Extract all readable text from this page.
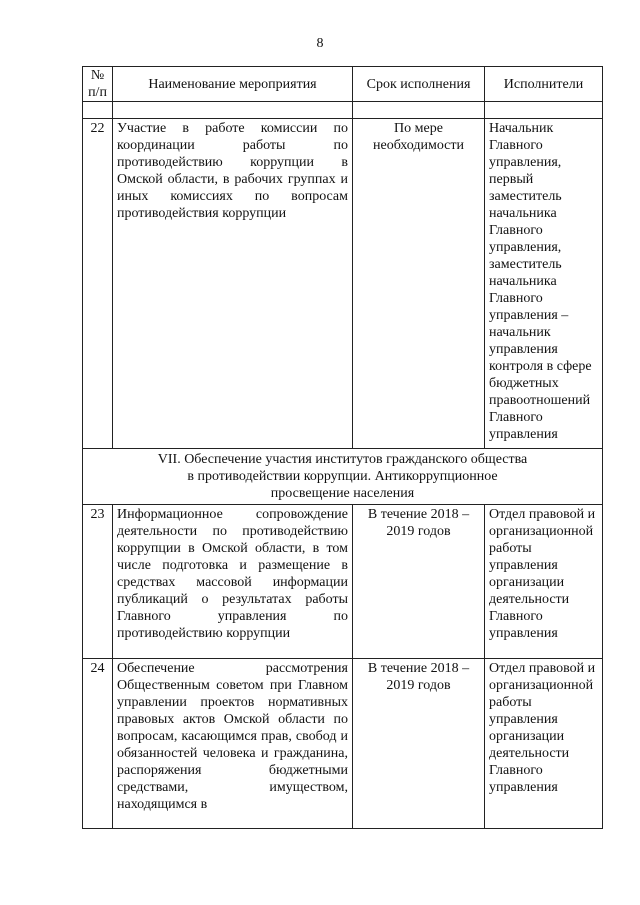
8
№ п/п	Наименование мероприятия	Срок исполнения	Исполнители

22	Участие в работе комиссии по координации работы по противодействию коррупции в Омской области, в рабочих группах и иных комиссиях по вопросам противодействия коррупции	По мере необходимости	Начальник Главного управления, первый заместитель начальника Главного управления, заместитель начальника Главного управления – начальник управления контроля в сфере бюджетных правоотношений Главного управления

VII. Обеспечение участия институтов гражданского общества
в противодействии коррупции. Антикоррупционное
просвещение населения			

23	Информационное сопровождение деятельности по противодействию коррупции в Омской области, в том числе подготовка и размещение в средствах массовой информации публикаций о результатах работы Главного управления по противодействию коррупции	В течение 2018 – 2019 годов	Отдел правовой и организационной работы управления организации деятельности Главного управления
24	Обеспечение рассмотрения Общественным советом при Главном управлении проектов нормативных правовых актов Омской области по вопросам, касающимся прав, свобод и обязанностей человека и гражданина, распоряжения бюджетными средствами, имуществом, находящимся в	В течение 2018 – 2019 годов	Отдел правовой и организационной работы управления организации деятельности Главного управления
